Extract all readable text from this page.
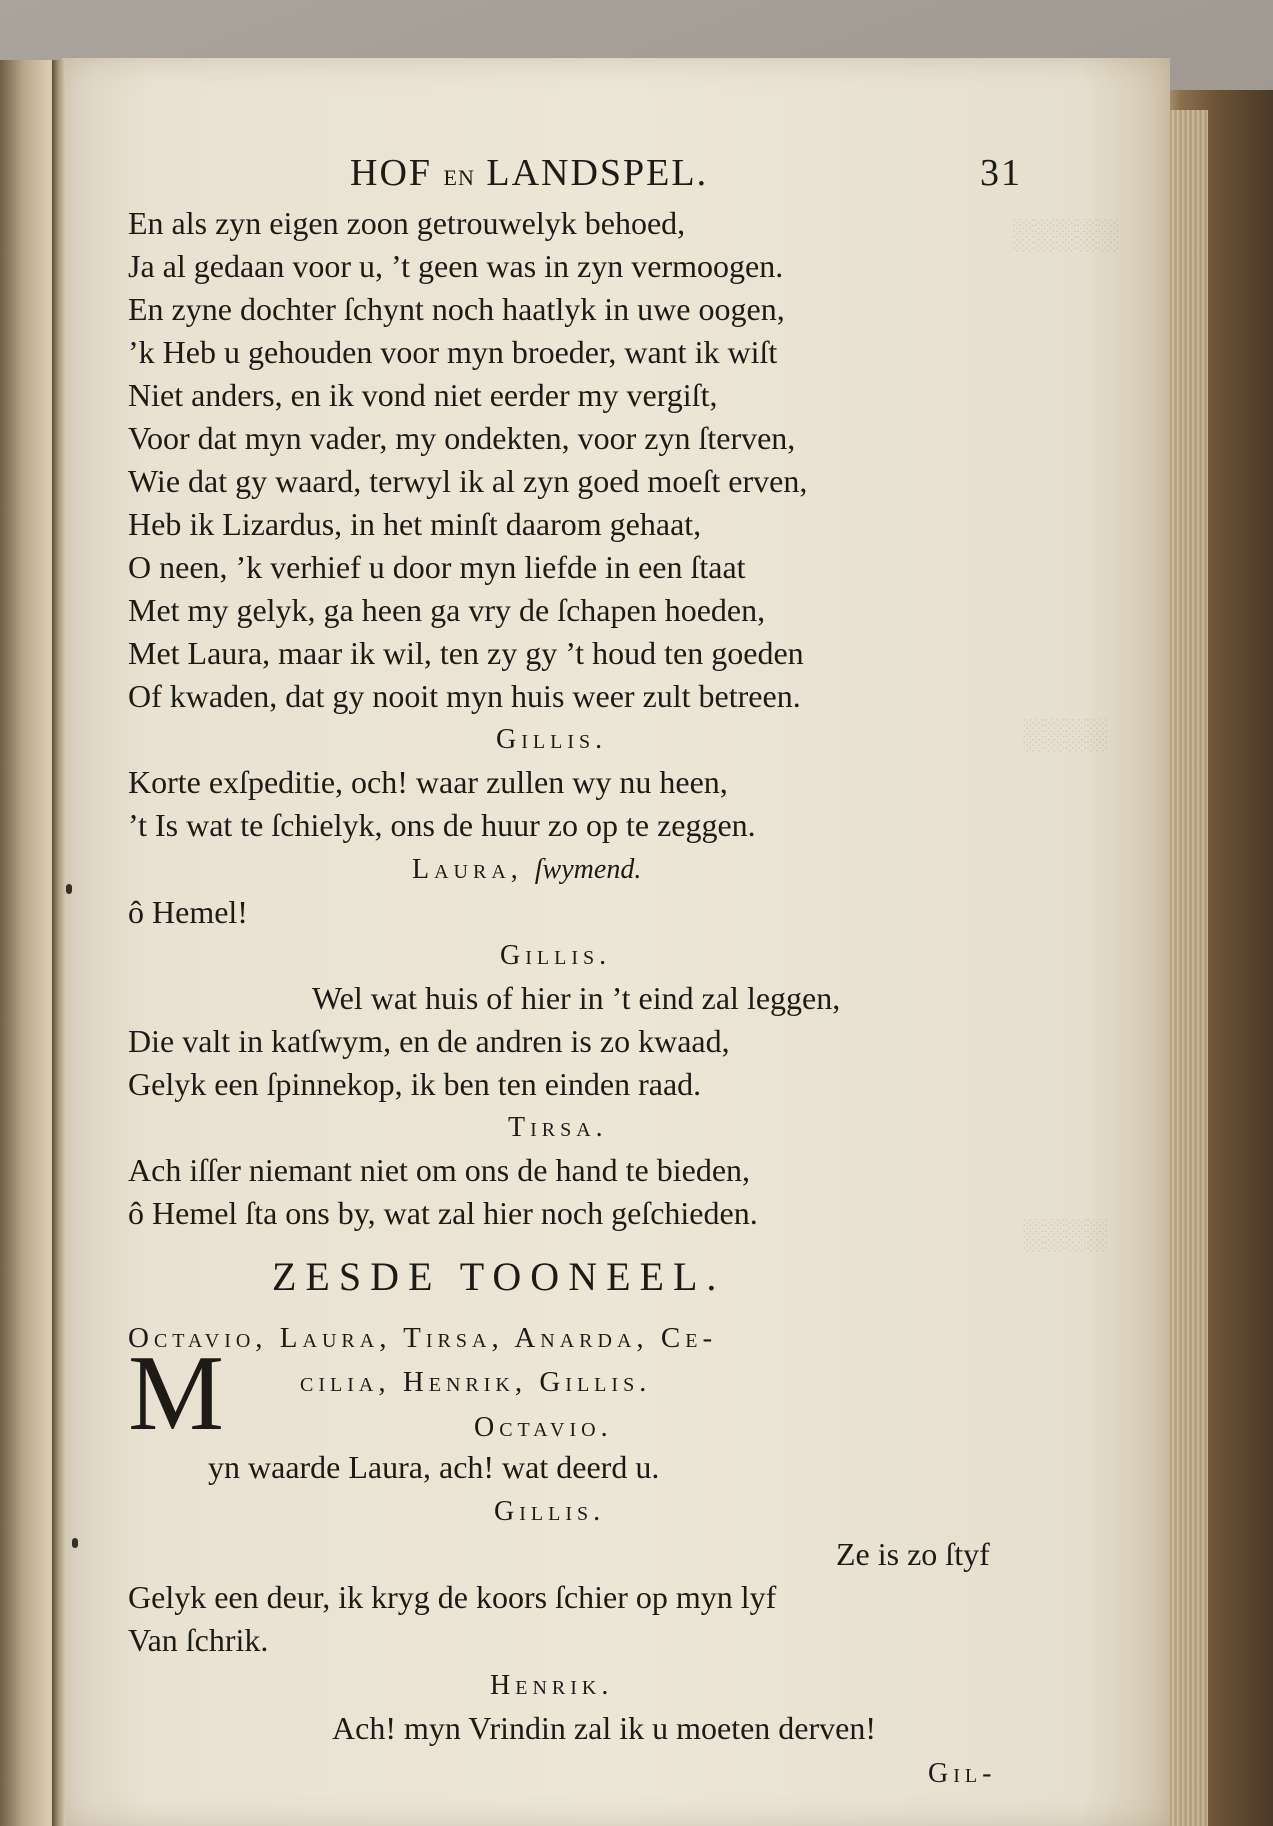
░░░░░
░░░░
░░░░
HOF EN LANDSPEL.	31
En als zyn eigen zoon getrouwelyk behoed,
Ja al gedaan voor u, ’t geen was in zyn vermoogen.
En zyne dochter ſchynt noch haatlyk in uwe oogen,
’k Heb u gehouden voor myn broeder, want ik wiſt
Niet anders, en ik vond niet eerder my vergiſt,
Voor dat myn vader, my ondekten, voor zyn ſterven,
Wie dat gy waard, terwyl ik al zyn goed moeſt erven,
Heb ik Lizardus, in het minſt daarom gehaat,
O neen, ’k verhief u door myn liefde in een ſtaat
Met my gelyk, ga heen ga vry de ſchapen hoeden,
Met Laura, maar ik wil, ten zy gy ’t houd ten goeden
Of kwaden, dat gy nooit myn huis weer zult betreen.
Gillis.
Korte exſpeditie, och! waar zullen wy nu heen,
’t Is wat te ſchielyk, ons de huur zo op te zeggen.
Laura, ſwymend.
ô Hemel!
Gillis.
Wel wat huis of hier in ’t eind zal leggen,
Die valt in katſwym, en de andren is zo kwaad,
Gelyk een ſpinnekop, ik ben ten einden raad.
Tirsa.
Ach iſſer niemant niet om ons de hand te bieden,
ô Hemel ſta ons by, wat zal hier noch geſchieden.
ZESDE TOONEEL.
Octavio, Laura, Tirsa, Anarda, Ce-
cilia, Henrik, Gillis.
Octavio.
M
yn waarde Laura, ach! wat deerd u.
Gillis.
Ze is zo ſtyf
Gelyk een deur, ik kryg de koors ſchier op myn lyf
Van ſchrik.
Henrik.
Ach! myn Vrindin zal ik u moeten derven!
Gil-
